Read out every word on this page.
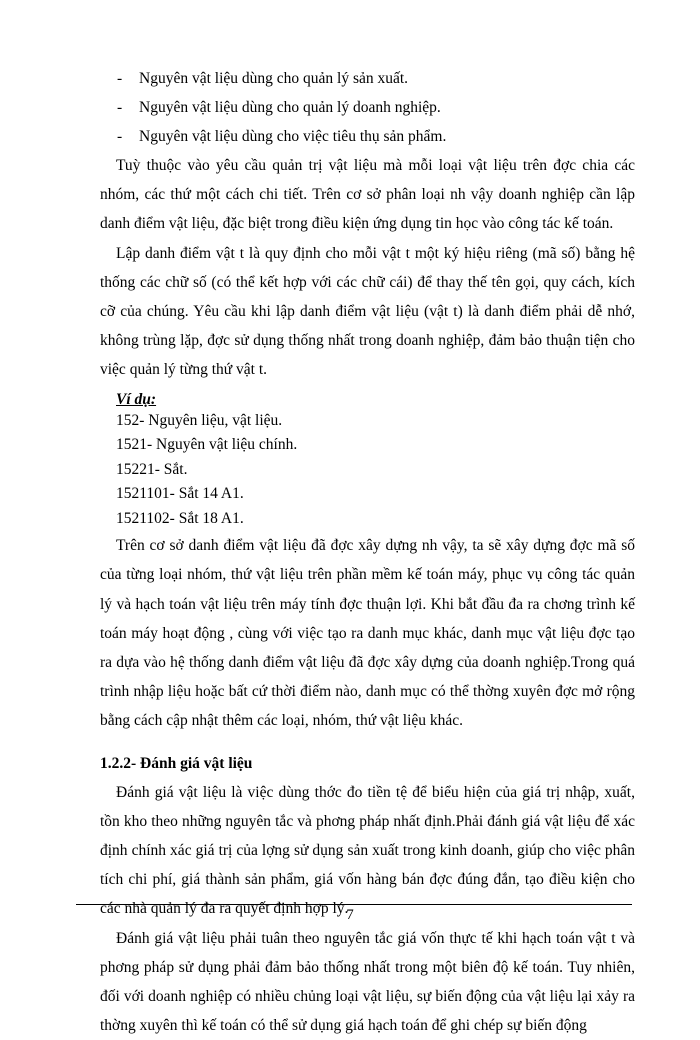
- Nguyên vật liệu dùng cho quản lý sản xuất.
- Nguyên vật liệu dùng cho quản lý doanh nghiệp.
- Nguyên vật liệu dùng cho việc tiêu thụ sản phẩm.

Tuỳ thuộc vào yêu cầu quản trị vật liệu mà mỗi loại vật liệu trên đợc chia các nhóm, các thứ một cách chi tiết. Trên cơ sở phân loại nh vậy doanh nghiệp cần lập danh điểm vật liệu, đặc biệt trong điều kiện ứng dụng tin học vào công tác kế toán.

Lập danh điểm vật t là quy định cho mỗi vật t một ký hiệu riêng (mã số) bằng hệ thống các chữ số (có thể kết hợp với các chữ cái) để thay thế tên gọi, quy cách, kích cỡ của chúng. Yêu cầu khi lập danh điểm vật liệu (vật t) là danh điểm phải dễ nhớ, không trùng lặp, đợc sử dụng thống nhất trong doanh nghiệp, đảm bảo thuận tiện cho việc quản lý từng thứ vật t.

Ví dụ:
152- Nguyên liệu, vật liệu.
1521- Nguyên vật liệu chính.
15221- Sắt.
1521101- Sắt 14 A1.
1521102- Sắt 18 A1.

Trên cơ sở danh điểm vật liệu đã đợc xây dựng nh vậy, ta sẽ xây dựng đợc mã số của từng loại nhóm, thứ vật liệu trên phần mềm kế toán máy, phục vụ công tác quản lý và hạch toán vật liệu trên máy tính đợc thuận lợi. Khi bắt đầu đa ra chơng trình kế toán máy hoạt động , cùng với việc tạo ra danh mục khác, danh mục vật liệu đợc tạo ra dựa vào hệ thống danh điểm vật liệu đã đợc xây dựng của doanh nghiệp.Trong quá trình nhập liệu hoặc bất cứ thời điểm nào, danh mục có thể thờng xuyên đợc mở rộng bằng cách cập nhật thêm các loại, nhóm, thứ vật liệu khác.

1.2.2- Đánh giá vật liệu

Đánh giá vật liệu là việc dùng thớc đo tiền tệ để biểu hiện của giá trị nhập, xuất, tồn kho theo những nguyên tắc và phơng pháp nhất định.Phải đánh giá vật liệu để xác định chính xác giá trị của lợng sử dụng sản xuất trong kinh doanh, giúp cho việc phân tích chi phí, giá thành sản phẩm, giá vốn hàng bán đợc đúng đắn, tạo điều kiện cho các nhà quản lý đa ra quyết định hợp lý.

Đánh giá vật liệu phải tuân theo nguyên tắc giá vốn thực tế khi hạch toán vật t và phơng pháp sử dụng phải đảm bảo thống nhất trong một biên độ kế toán. Tuy nhiên, đối với doanh nghiệp có nhiều chủng loại vật liệu, sự biến động của vật liệu lại xảy ra thờng xuyên thì kế toán có thể sử dụng giá hạch toán để ghi chép sự biến động

7
